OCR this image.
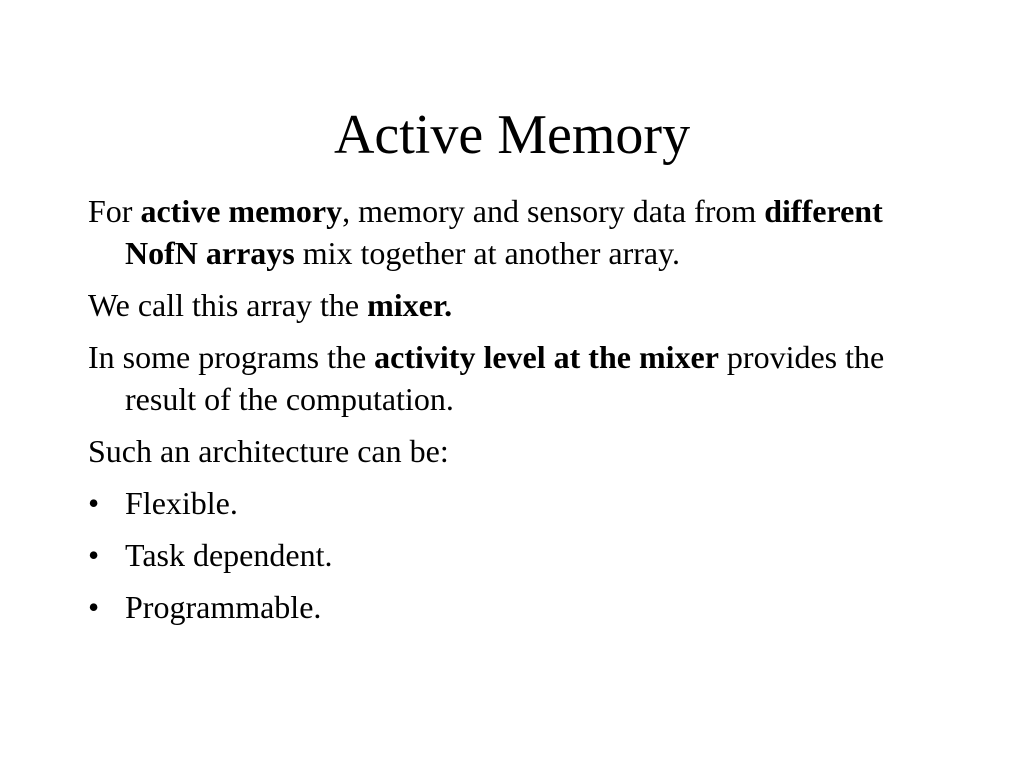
Active Memory

For active memory, memory and sensory data from different NofN arrays mix together at another array.

We call this array the mixer.

In some programs the activity level at the mixer provides the result of the computation.

Such an architecture can be:

• Flexible.
• Task dependent.
• Programmable.
